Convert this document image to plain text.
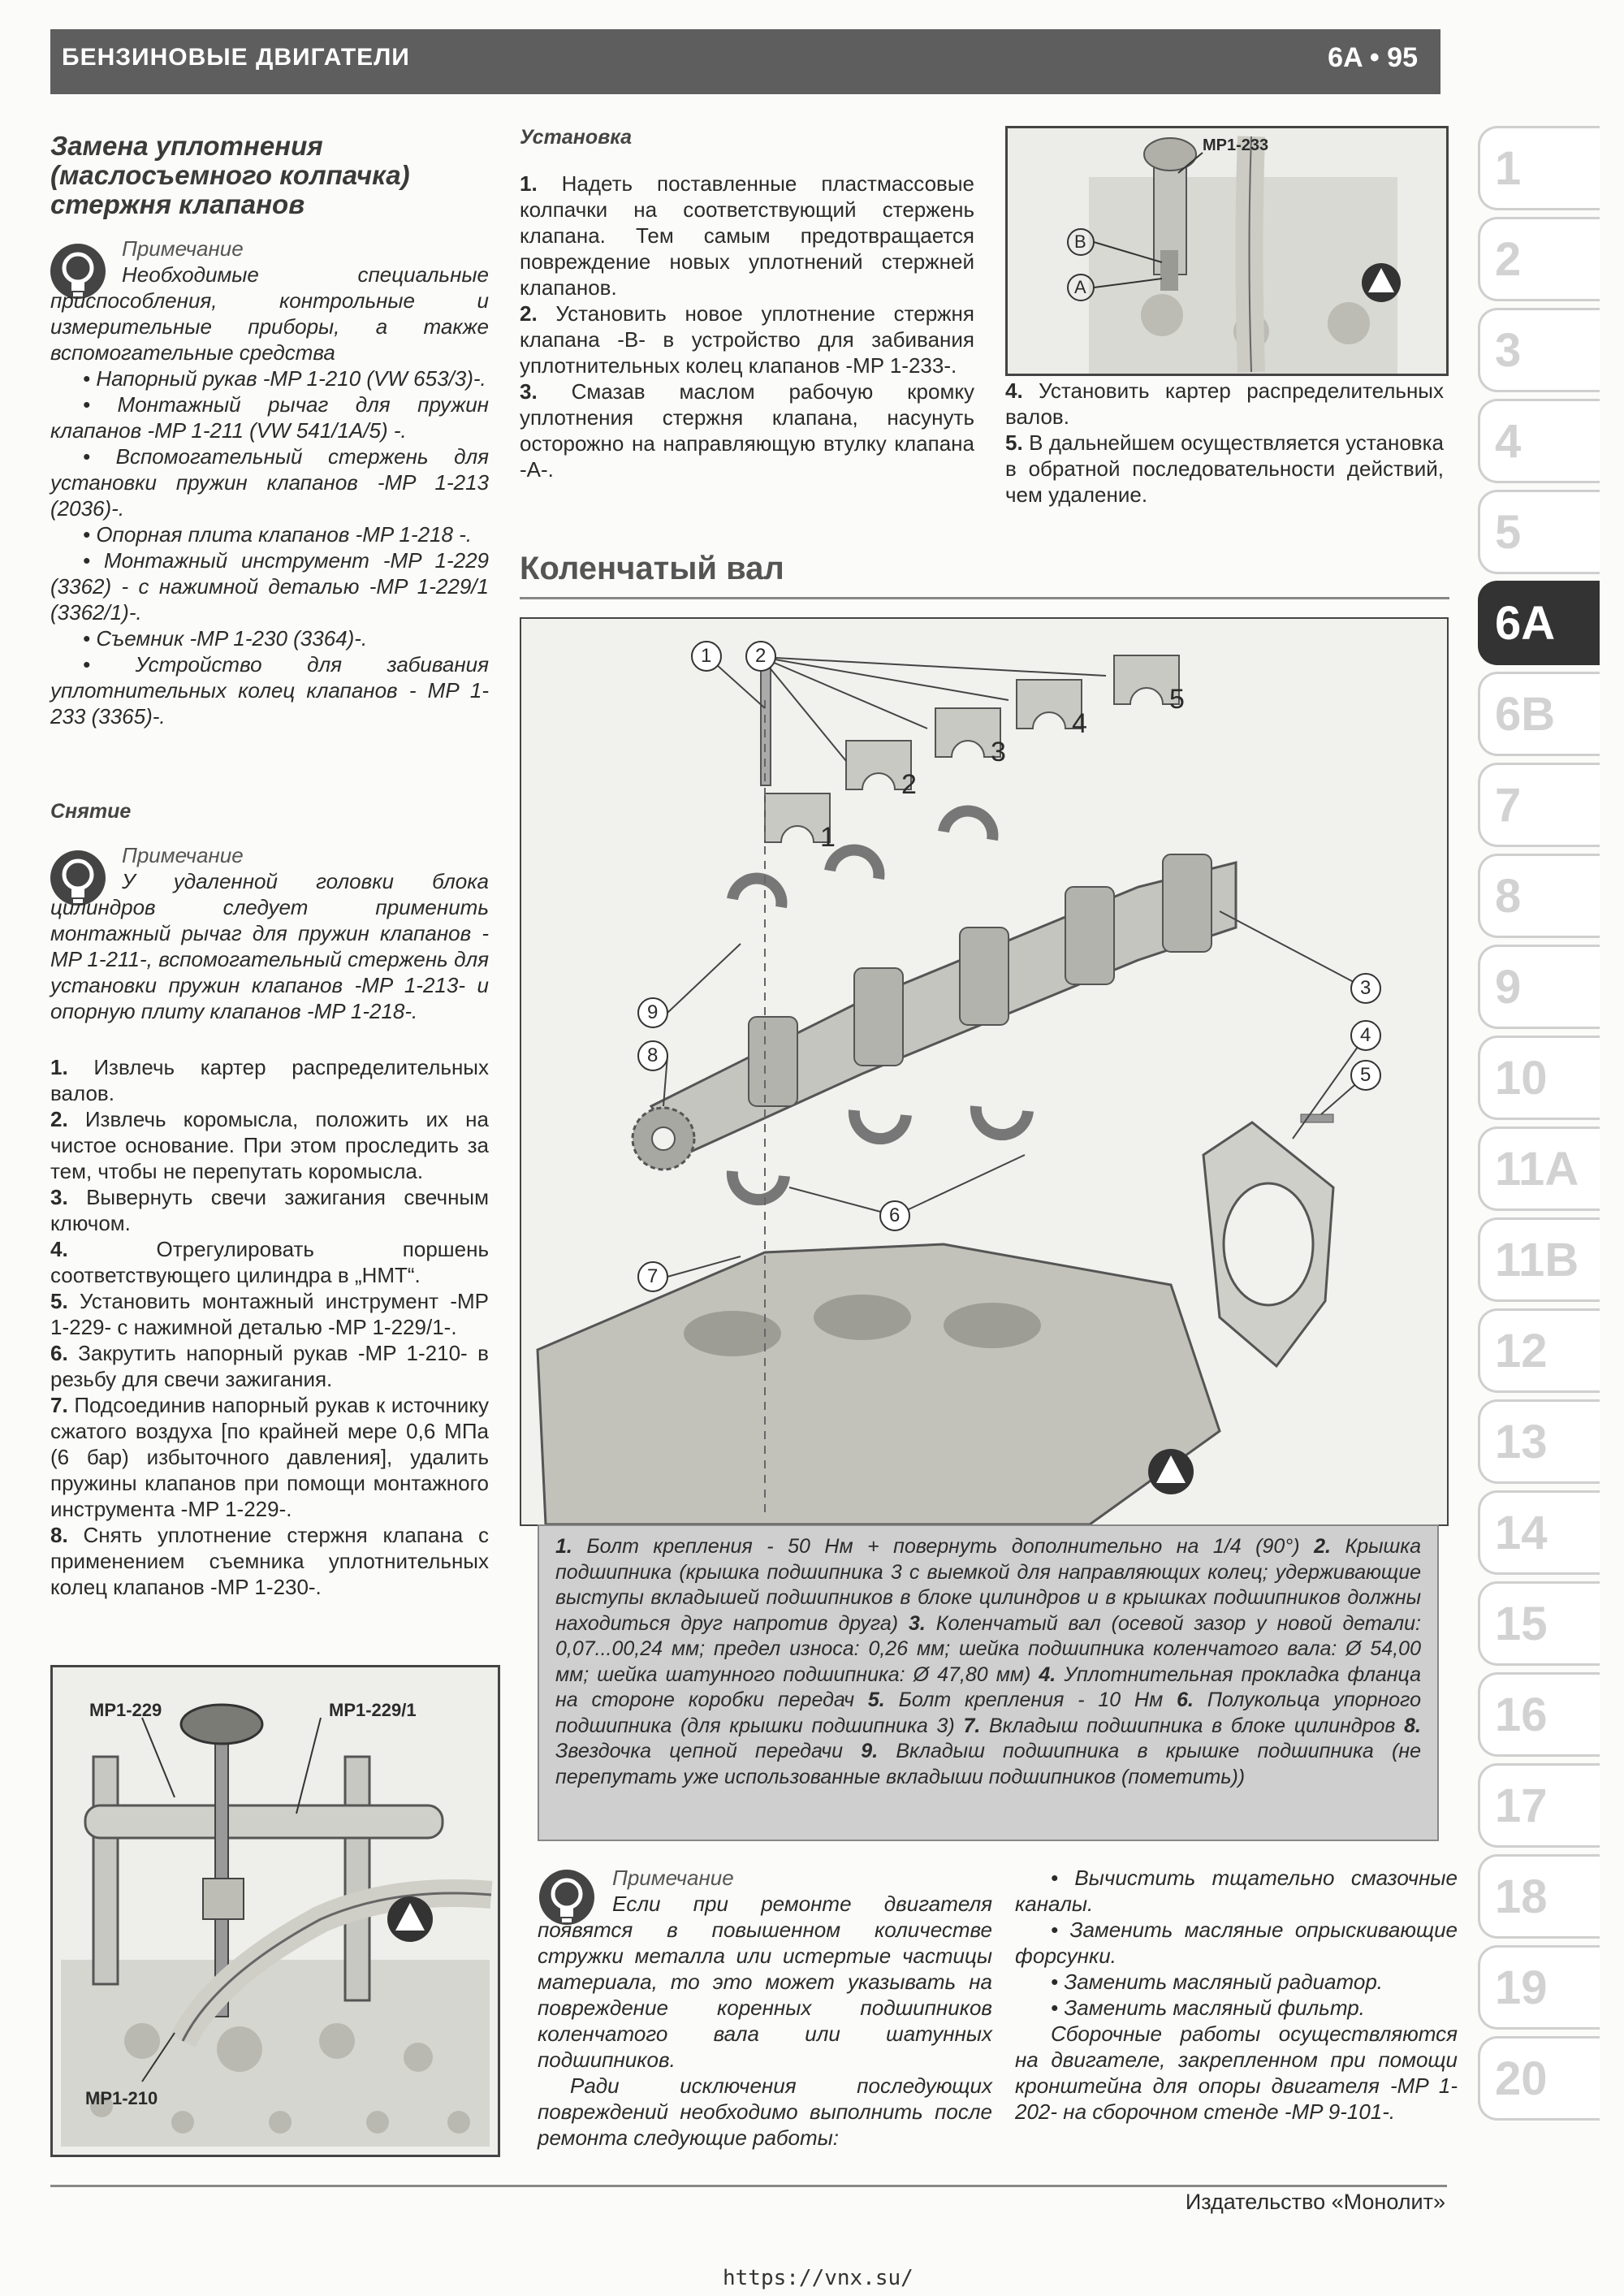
БЕНЗИНОВЫЕ ДВИГАТЕЛИ	6A • 95
Замена уплотнения (маслосъемного колпачка) стержня клапанов
Примечание
Необходимые специальные приспособления, контрольные и измерительные приборы, а также вспомогательные средства
• Напорный рукав -MP 1-210 (VW 653/3)-.
• Монтажный рычаг для пружин клапанов -MP 1-211 (VW 541/1A/5) -.
• Вспомогательный стержень для установки пружин клапанов -MP 1-213 (2036)-.
• Опорная плита клапанов -MP 1-218 -.
• Монтажный инструмент -MP 1-229 (3362) - с нажимной деталью -MP 1-229/1 (3362/1)-.
• Съемник -MP 1-230 (3364)-.
• Устройство для забивания уплотнительных колец клапанов - MP 1-233 (3365)-.
Снятие
Примечание
У удаленной головки блока цилиндров следует применить монтажный рычаг для пружин клапанов -MP 1-211-, вспомогательный стержень для установки пружин клапанов -MP 1-213- и опорную плиту клапанов -MP 1-218-.
1. Извлечь картер распределительных валов.
2. Извлечь коромысла, положить их на чистое основание. При этом проследить за тем, чтобы не перепутать коромысла.
3. Вывернуть свечи зажигания свечным ключом.
4.	Отрегулировать поршень соответствующего цилиндра в „НМТ“.
5. Установить монтажный инструмент -MP 1-229- с нажимной деталью -MP 1-229/1-.
6. Закрутить напорный рукав -MP 1-210- в резьбу для свечи зажигания.
7. Подсоединив напорный рукав к источнику сжатого воздуха [по крайней мере 0,6 МПа (6 бар) избыточного давления], удалить пружины клапанов при помощи монтажного инструмента -MP 1-229-.
8. Снять уплотнение стержня клапана с применением съемника уплотнительных колец клапанов -MP 1-230-.
MP1-229	MP1-229/1
MP1-210
Установка
1. Надеть поставленные пластмассовые колпачки на соответствующий стержень клапана. Тем самым предотвращается повреждение новых уплотнений стержней клапанов.
2. Установить новое уплотнение стержня клапана -В- в устройство для забивания уплотнительных колец клапанов -MP 1-233-.
3. Смазав маслом рабочую кромку уплотнения стержня клапана, насунуть осторожно на направляющую втулку клапана -А-.
MP1-233
B
A
4. Установить картер распределительных валов.
5. В дальнейшем осуществляется установка в обратной последовательности действий, чем удаление.
Коленчатый вал
1 2
3
4
5
6
7
8
9
1
2
3
4
5
1. Болт крепления - 50 Нм + повернуть дополнительно на 1/4 (90°) 2. Крышка подшипника (крышка подшипника 3 с выемкой для направляющих колец; удерживающие выступы вкладышей подшипников в блоке цилиндров и в крышках подшипников должны находиться друг напротив друга) 3. Коленчатый вал (осевой зазор у новой детали: 0,07...00,24 мм; предел износа: 0,26 мм; шейка подшипника коленчатого вала: Ø 54,00 мм; шейка шатунного подшипника: Ø 47,80 мм) 4. Уплотнительная прокладка фланца на стороне коробки передач 5. Болт крепления - 10 Нм 6. Полукольца упорного подшипника (для крышки подшипника 3) 7. Вкладыш подшипника в блоке цилиндров 8. Звездочка цепной передачи 9. Вкладыш подшипника в крышке подшипника (не перепутать уже использованные вкладыши подшипников (пометить))
Примечание
Если при ремонте двигателя появятся в повышенном количестве стружки металла или истертые частицы материала, то это может указывать на повреждение коренных подшипников коленчатого вала или шатунных подшипников.
Ради исключения последующих повреждений необходимо выполнить после ремонта следующие работы:
• Вычистить тщательно смазочные каналы.
• Заменить масляные опрыскивающие форсунки.
• Заменить масляный радиатор.
• Заменить масляный фильтр.
Сборочные работы осуществляются на двигателе, закрепленном при помощи кронштейна для опоры двигателя -MP 1-202- на сборочном стенде -MP 9-101-.
1
2
3
4
5
6A
6B
7
8
9
10
11A
11B
12
13
14
15
16
17
18
19
20
Издательство «Монолит»
https://vnx.su/
